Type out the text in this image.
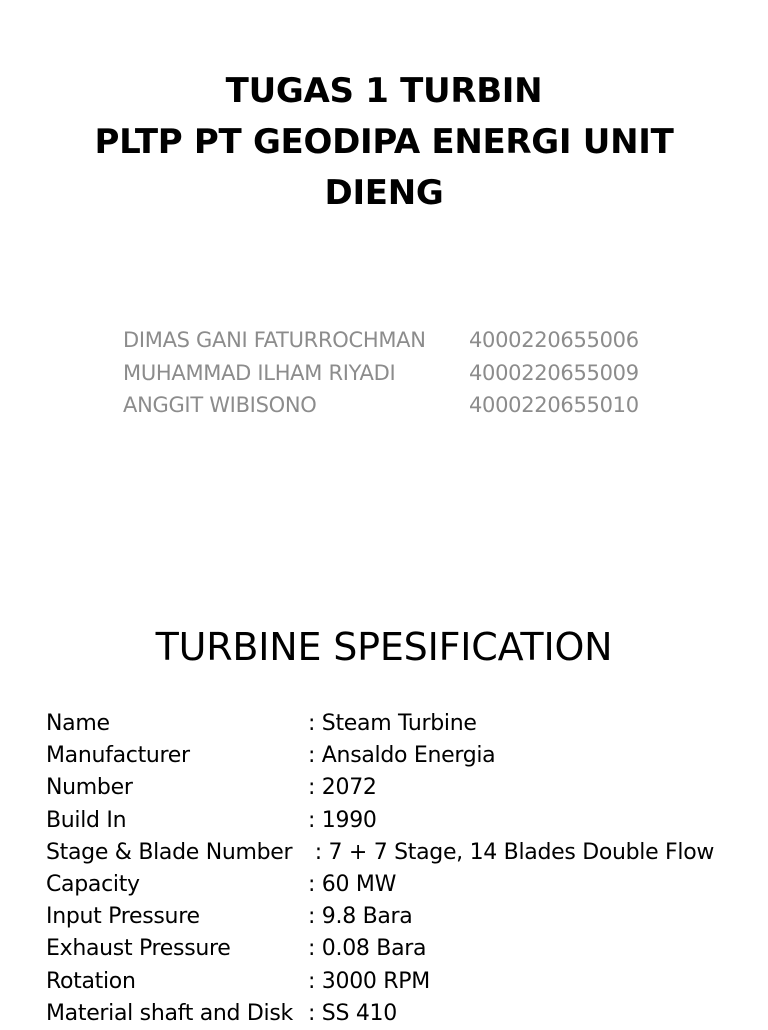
TUGAS 1 TURBIN
PLTP PT GEODIPA ENERGI UNIT
DIENG
DIMAS GANI FATURROCHMAN 4000220655006
MUHAMMAD ILHAM RIYADI	4000220655009
ANGGIT WIBISONO	4000220655010
TURBINE SPESIFICATION
Name	: Steam Turbine
Manufacturer	: Ansaldo Energia
Number	: 2072
Build In	: 1990
Stage & Blade Number : 7 + 7 Stage, 14 Blades Double Flow
Capacity	: 60 MW
Input Pressure	: 9.8 Bara
Exhaust Pressure	: 0.08 Bara
Rotation	: 3000 RPM
Material shaft and Disk : SS 410
